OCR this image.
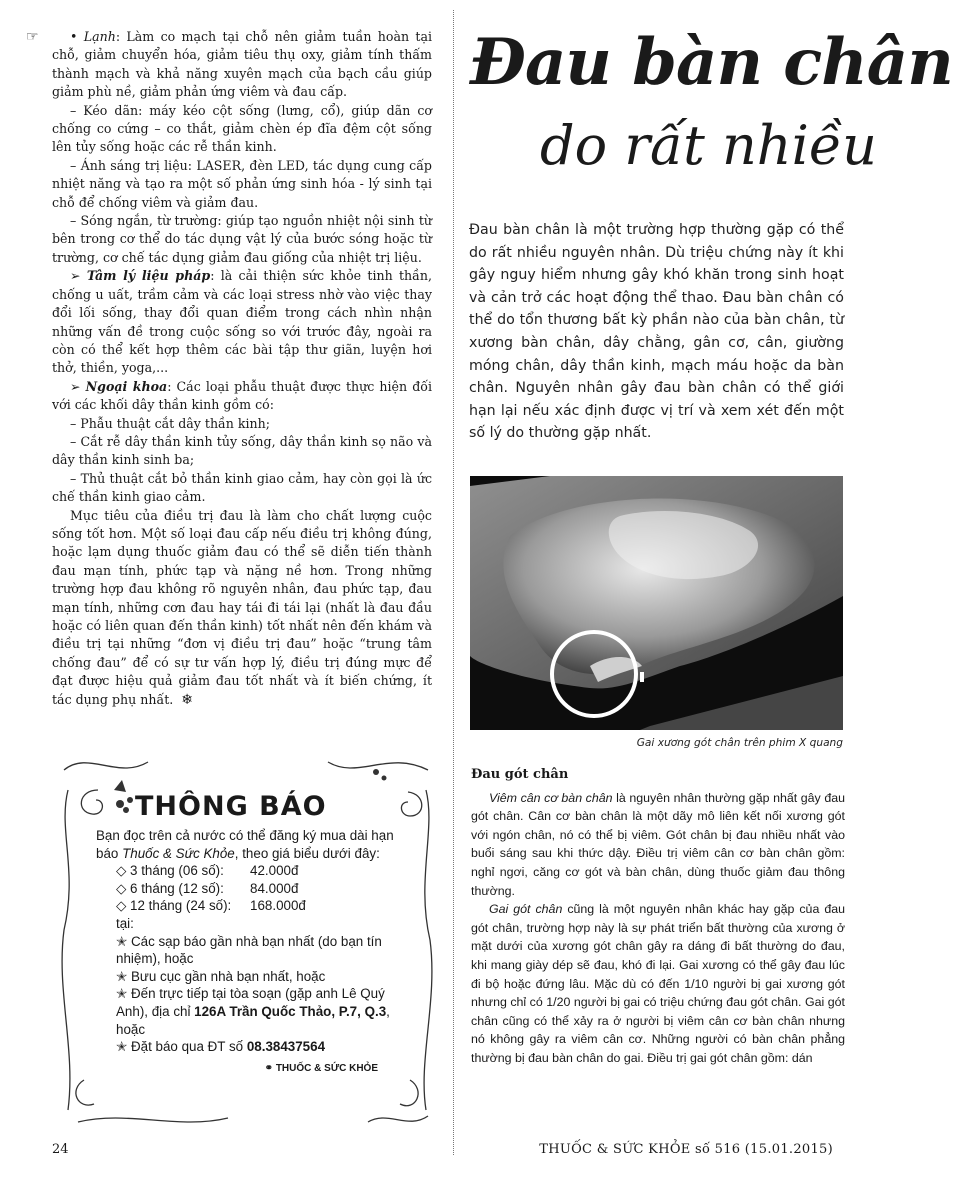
☞	• Lạnh: Làm co mạch tại chỗ nên giảm tuần hoàn tại chỗ, giảm chuyển hóa, giảm tiêu thụ oxy, giảm tính thấm thành mạch và khả năng xuyên mạch của bạch cầu giúp giảm phù nề, giảm phản ứng viêm và đau cấp.

– Kéo dãn: máy kéo cột sống (lưng, cổ), giúp dãn cơ chống co cứng – co thắt, giảm chèn ép đĩa đệm cột sống lên tủy sống hoặc các rễ thần kinh.

– Ánh sáng trị liệu: LASER, đèn LED, tác dụng cung cấp nhiệt năng và tạo ra một số phản ứng sinh hóa - lý sinh tại chỗ để chống viêm và giảm đau.

– Sóng ngắn, từ trường: giúp tạo nguồn nhiệt nội sinh từ bên trong cơ thể do tác dụng vật lý của bước sóng hoặc từ trường, cơ chế tác dụng giảm đau giống của nhiệt trị liệu.

➢ Tâm lý liệu pháp: là cải thiện sức khỏe tinh thần, chống u uất, trầm cảm và các loại stress nhờ vào việc thay đổi lối sống, thay đổi quan điểm trong cách nhìn nhận những vấn đề trong cuộc sống so với trước đây, ngoài ra còn có thể kết hợp thêm các bài tập thư giãn, luyện hơi thở, thiền, yoga,...

➢ Ngoại khoa: Các loại phẫu thuật được thực hiện đối với các khối dây thần kinh gồm có:

– Phẫu thuật cắt dây thần kinh;

– Cắt rễ dây thần kinh tủy sống, dây thần kinh sọ não và dây thần kinh sinh ba;

– Thủ thuật cắt bỏ thần kinh giao cảm, hay còn gọi là ức chế thần kinh giao cảm.

Mục tiêu của điều trị đau là làm cho chất lượng cuộc sống tốt hơn. Một số loại đau cấp nếu điều trị không đúng, hoặc lạm dụng thuốc giảm đau có thể sẽ diễn tiến thành đau mạn tính, phức tạp và nặng nề hơn. Trong những trường hợp đau không rõ nguyên nhân, đau phức tạp, đau mạn tính, những cơn đau hay tái đi tái lại (nhất là đau đầu hoặc có liên quan đến thần kinh) tốt nhất nên đến khám và điều trị tại những “đơn vị điều trị đau” hoặc “trung tâm chống đau” để có sự tư vấn hợp lý, điều trị đúng mực để đạt được hiệu quả giảm đau tốt nhất và ít biến chứng, ít tác dụng phụ nhất. ❄

THÔNG BÁO

Bạn đọc trên cả nước có thể đăng ký mua dài hạn báo Thuốc & Sức Khỏe, theo giá biểu dưới đây:

◇ 3 tháng (06 số): 42.000đ

◇ 6 tháng (12 số): 84.000đ

◇ 12 tháng (24 số): 168.000đ

tại:

✭ Các sạp báo gần nhà bạn nhất (do bạn tín nhiệm), hoặc

✭ Bưu cục gần nhà bạn nhất, hoặc

✭ Đến trực tiếp tại tòa soạn (gặp anh Lê Quý Anh), địa chỉ 126A Trần Quốc Thảo, P.7, Q.3, hoặc

✭ Đặt báo qua ĐT số 08.38437564

⚭ THUỐC & SỨC KHỎE

Đau bàn chân
do rất nhiều
Đau bàn chân là một trường hợp thường gặp có thể do rất nhiều nguyên nhân. Dù triệu chứng này ít khi gây nguy hiểm nhưng gây khó khăn trong sinh hoạt và cản trở các hoạt động thể thao. Đau bàn chân có thể do tổn thương bất kỳ phần nào của bàn chân, từ xương bàn chân, dây chằng, gân cơ, cân, giường móng chân, dây thần kinh, mạch máu hoặc da bàn chân. Nguyên nhân gây đau bàn chân có thể giới hạn lại nếu xác định được vị trí và xem xét đến một số lý do thường gặp nhất.
Gai xương gót chân trên phim X quang

Đau gót chân

Viêm cân cơ bàn chân là nguyên nhân thường gặp nhất gây đau gót chân. Cân cơ bàn chân là một dãy mô liên kết nối xương gót với ngón chân, nó có thể bị viêm. Gót chân bị đau nhiều nhất vào buổi sáng sau khi thức dậy. Điều trị viêm cân cơ bàn chân gồm: nghỉ ngơi, căng cơ gót và bàn chân, dùng thuốc giảm đau thông thường.

Gai gót chân cũng là một nguyên nhân khác hay gặp của đau gót chân, trường hợp này là sự phát triển bất thường của xương ở mặt dưới của xương gót chân gây ra dáng đi bất thường do đau, khi mang giày dép sẽ đau, khó đi lại. Gai xương có thể gây đau lúc đi bộ hoặc đứng lâu. Mặc dù có đến 1/10 người bị gai xương gót nhưng chỉ có 1/20 người bị gai có triệu chứng đau gót chân. Gai gót chân cũng có thể xảy ra ở người bị viêm cân cơ bàn chân nhưng nó không gây ra viêm cân cơ. Những người có bàn chân phẳng thường bị đau bàn chân do gai. Điều trị gai gót chân gồm: dán

24	THUỐC & SỨC KHỎE số 516 (15.01.2015)
